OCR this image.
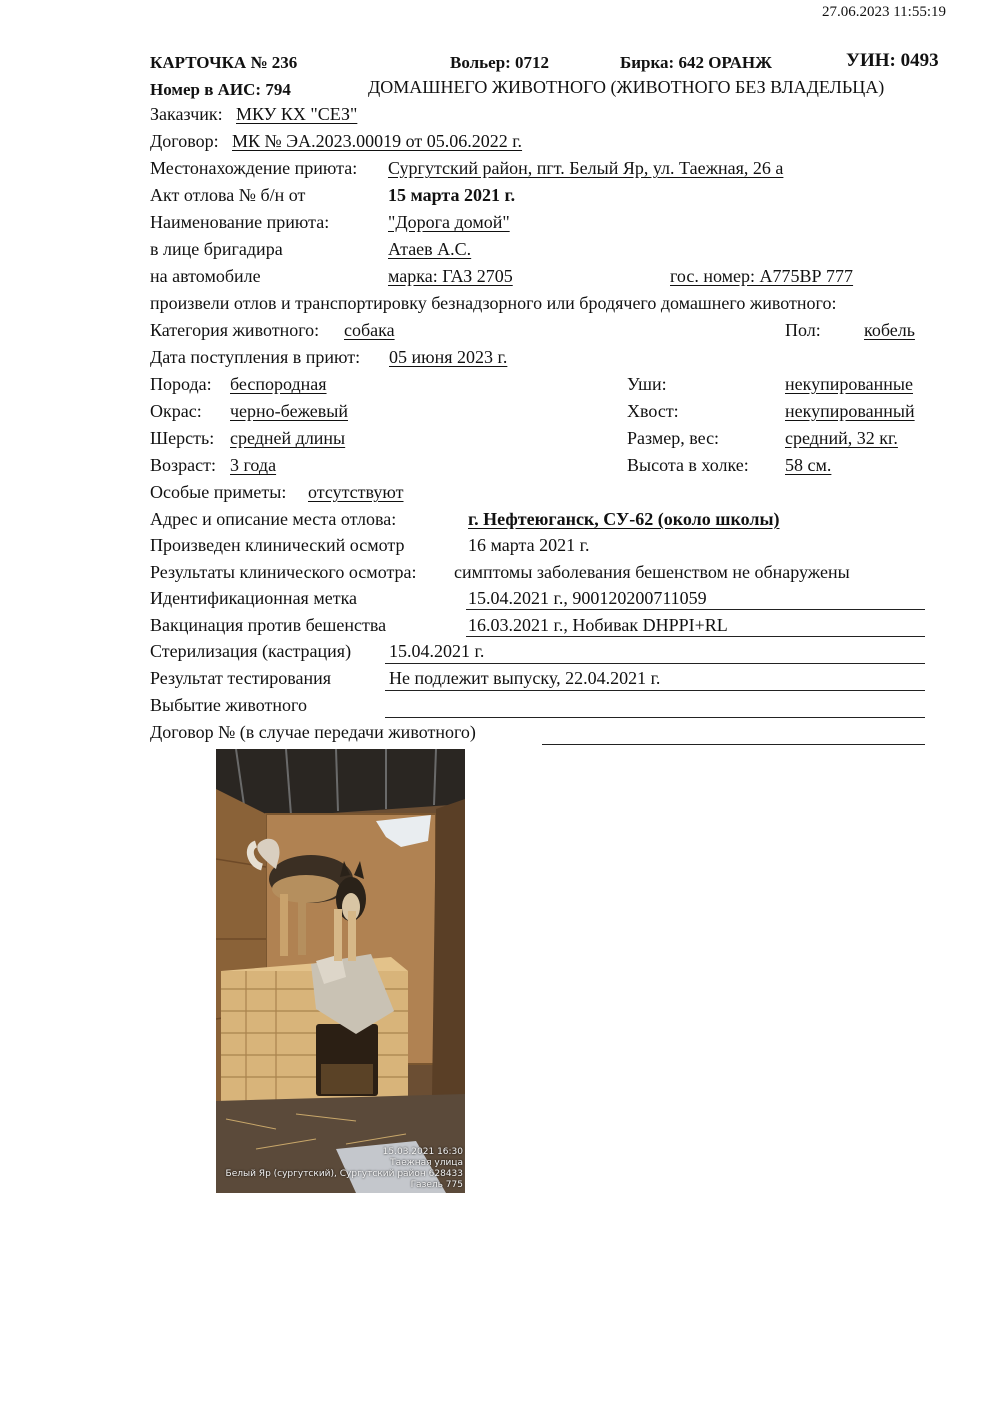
27.06.2023 11:55:19
КАРТОЧКА № 236	Вольер: 0712	Бирка: 642 ОРАНЖ	УИН: 0493
Номер в АИС: 794	ДОМАШНЕГО ЖИВОТНОГО (ЖИВОТНОГО БЕЗ ВЛАДЕЛЬЦА)
Заказчик: МКУ КХ "СЕЗ"
Договор: МК № ЭА.2023.00019 от 05.06.2022 г.
Местонахождение приюта: Сургутский район, пгт. Белый Яр, ул. Таежная, 26 а
Акт отлова № б/н от	15 марта 2021 г.
Наименование приюта:	"Дорога домой"
в лице бригадира	Атаев А.С.
на автомобиле	марка: ГАЗ 2705	гос. номер: А775ВР 777
произвели отлов и транспортировку безнадзорного или бродячего домашнего животного:
Категория животного: собака	Пол: кобель
Дата поступления в приют: 05 июня 2023 г.
Порода: беспородная	Уши:	некупированные
Окрас: черно-бежевый	Хвост:	некупированный
Шерсть: средней длины	Размер, вес:	средний, 32 кг.
Возраст: 3 года	Высота в холке: 58 см.
Особые приметы: отсутствуют
Адрес и описание места отлова:	г. Нефтеюганск, СУ-62 (около школы)
Произведен клинический осмотр	16 марта 2021 г.
Результаты клинического осмотра: симптомы заболевания бешенством не обнаружены
Идентификационная метка	15.04.2021 г., 900120200711059
Вакцинация против бешенства	16.03.2021 г., Нобивак DHPPI+RL
Стерилизация (кастрация) 15.04.2021 г.
Результат тестирования	Не подлежит выпуску, 22.04.2021 г.
Выбытие животного
Договор № (в случае передачи животного)
15.03.2021 16:30
Таежная улица
Белый Яр (сургутский), Сургутский район 628433
Газель 775
